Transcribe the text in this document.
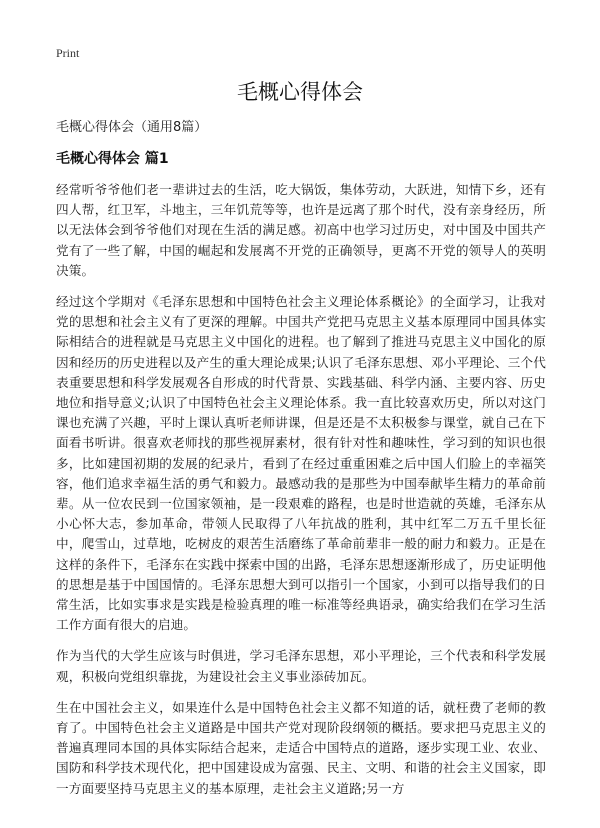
Print
毛概心得体会
毛概心得体会（通用8篇）
毛概心得体会 篇1

经常听爷爷他们老一辈讲过去的生活，吃大锅饭，集体劳动，大跃进，知情下乡，还有四人帮，红卫军，斗地主，三年饥荒等等，也许是远离了那个时代，没有亲身经历，所以无法体会到爷爷他们对现在生活的满足感。初高中也学习过历史，对中国及中国共产党有了一些了解，中国的崛起和发展离不开党的正确领导，更离不开党的领导人的英明决策。

经过这个学期对《毛泽东思想和中国特色社会主义理论体系概论》的全面学习，让我对党的思想和社会主义有了更深的理解。中国共产党把马克思主义基本原理同中国具体实际相结合的进程就是马克思主义中国化的进程。也了解到了推进马克思主义中国化的原因和经历的历史进程以及产生的重大理论成果;认识了毛泽东思想、邓小平理论、三个代表重要思想和科学发展观各自形成的时代背景、实践基础、科学内涵、主要内容、历史地位和指导意义;认识了中国特色社会主义理论体系。我一直比较喜欢历史，所以对这门课也充满了兴趣，平时上课认真听老师讲课，但是还是不太积极参与课堂，就自己在下面看书听讲。很喜欢老师找的那些视屏素材，很有针对性和趣味性，学习到的知识也很多，比如建国初期的发展的纪录片，看到了在经过重重困难之后中国人们脸上的幸福笑容，他们追求幸福生活的勇气和毅力。最感动我的是那些为中国奉献毕生精力的革命前辈。从一位农民到一位国家领袖，是一段艰难的路程，也是时世造就的英雄，毛泽东从小心怀大志，参加革命，带领人民取得了八年抗战的胜利，其中红军二万五千里长征中，爬雪山，过草地，吃树皮的艰苦生活磨练了革命前辈非一般的耐力和毅力。正是在这样的条件下，毛泽东在实践中探索中国的出路，毛泽东思想逐渐形成了，历史证明他的思想是基于中国国情的。毛泽东思想大到可以指引一个国家，小到可以指导我们的日常生活，比如实事求是实践是检验真理的唯一标准等经典语录，确实给我们在学习生活工作方面有很大的启迪。

作为当代的大学生应该与时俱进，学习毛泽东思想，邓小平理论，三个代表和科学发展观，积极向党组织靠拢，为建设社会主义事业添砖加瓦。

生在中国社会主义，如果连什么是中国特色社会主义都不知道的话，就枉费了老师的教育了。中国特色社会主义道路是中国共产党对现阶段纲领的概括。要求把马克思主义的普遍真理同本国的具体实际结合起来，走适合中国特点的道路，逐步实现工业、农业、国防和科学技术现代化，把中国建设成为富强、民主、文明、和谐的社会主义国家，即一方面要坚持马克思主义的基本原理，走社会主义道路;另一方
